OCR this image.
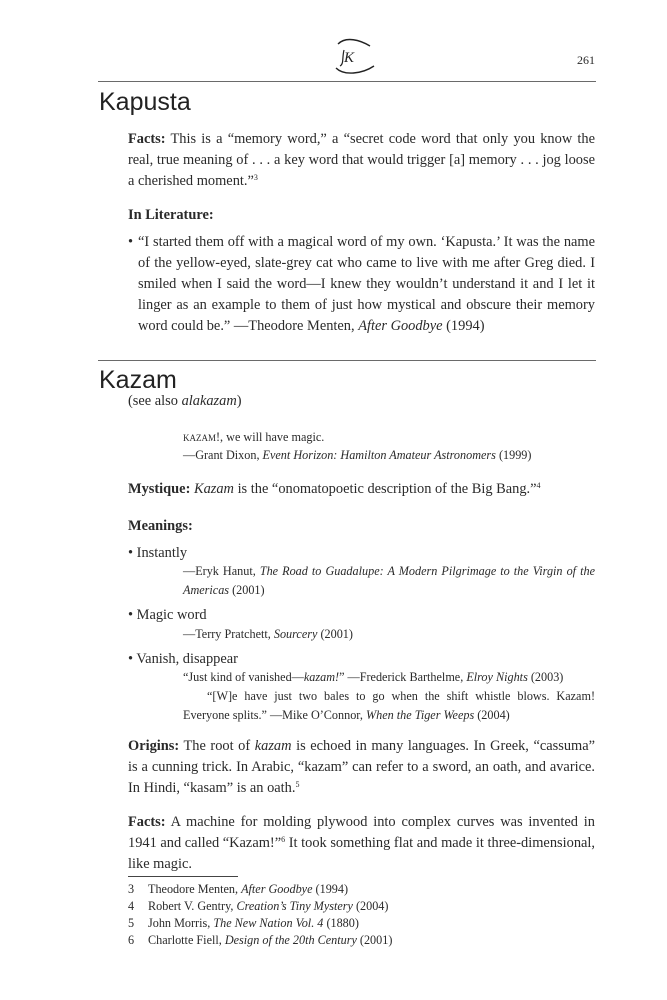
K	261
Kapusta
Facts: This is a “memory word,” a “secret code word that only you know the real, true meaning of . . . a key word that would trigger [a] memory . . . jog loose a cherished moment.”$^3$
In Literature:
• “I started them off with a magical word of my own. ‘Kapusta.’ It was the name of the yellow-eyed, slate-grey cat who came to live with me after Greg died. I smiled when I said the word—I knew they wouldn’t understand it and I let it linger as an example to them of just how mystical and obscure their memory word could be.” —Theodore Menten, After Goodbye (1994)
Kazam
(see also alakazam)
kazam!, we will have magic.
—Grant Dixon, Event Horizon: Hamilton Amateur Astronomers (1999)
Mystique: Kazam is the “onomatopoetic description of the Big Bang.”$^4$
Meanings:
• Instantly
—Eryk Hanut, The Road to Guadalupe: A Modern Pilgrimage to the Virgin of the Americas (2001)
• Magic word
—Terry Pratchett, Sourcery (2001)
• Vanish, disappear
“Just kind of vanished—kazam!” —Frederick Barthelme, Elroy Nights (2003)
“[W]e have just two bales to go when the shift whistle blows. Kazam! Everyone splits.” —Mike O’Connor, When the Tiger Weeps (2004)
Origins: The root of kazam is echoed in many languages. In Greek, “cassuma” is a cunning trick. In Arabic, “kazam” can refer to a sword, an oath, and avarice. In Hindi, “kasam” is an oath.$^5$
Facts: A machine for molding plywood into complex curves was invented in 1941 and called “Kazam!”$^6$ It took something flat and made it three-dimensional, like magic.
3 Theodore Menten, After Goodbye (1994)
4 Robert V. Gentry, Creation’s Tiny Mystery (2004)
5 John Morris, The New Nation Vol. 4 (1880)
6 Charlotte Fiell, Design of the 20th Century (2001)
